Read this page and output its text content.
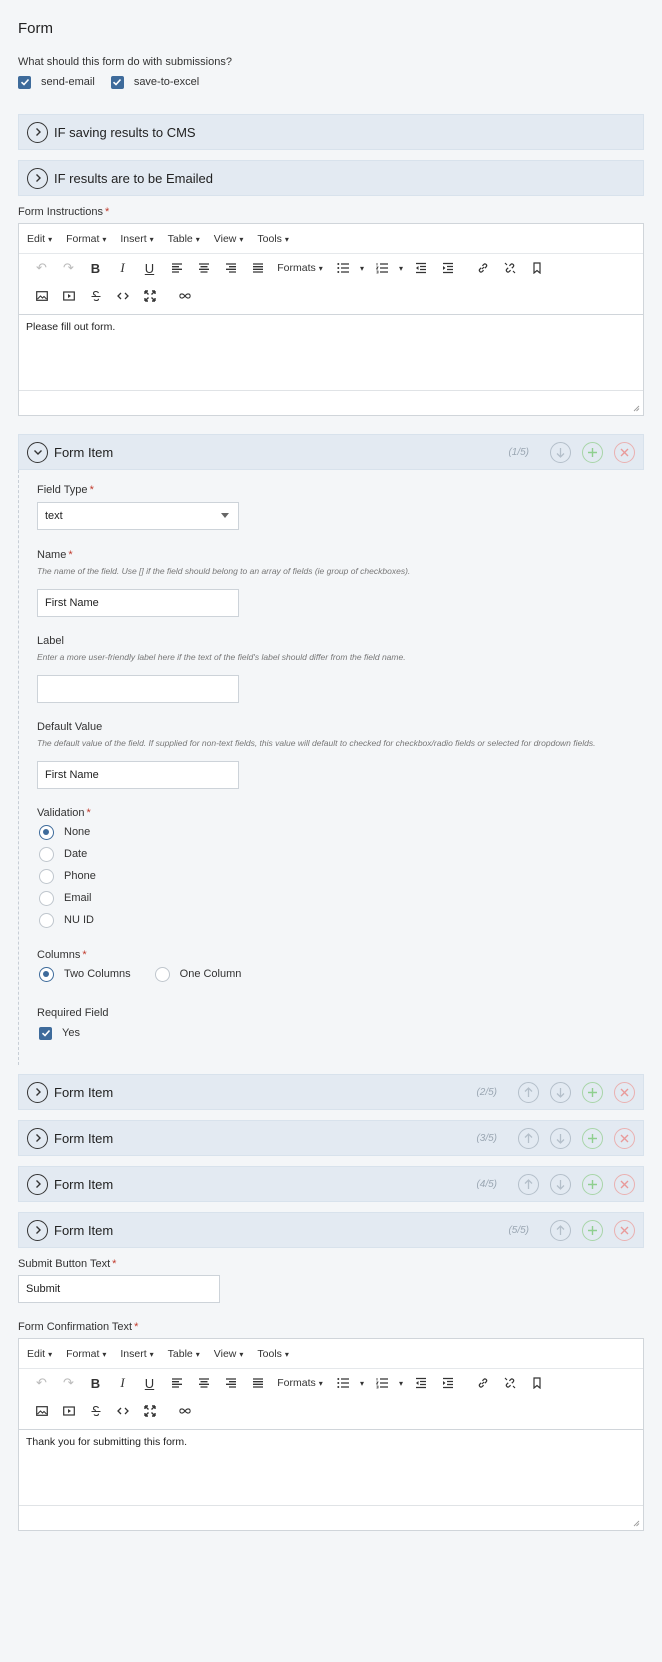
Form
What should this form do with submissions?
send-email	save-to-excel
IF saving results to CMS
IF results are to be Emailed
Form Instructions *
Edit ▾	Format ▾	Insert ▾	Table ▾	View ▾	Tools ▾
↶	↷	B	I	U	Formats ▾	▾	▾
Please fill out form.
Form Item	(1/5)
Field Type *
text
Name *
The name of the field. Use [] if the field should belong to an array of fields (ie group of checkboxes).
First Name
Label
Enter a more user-friendly label here if the text of the field's label should differ from the field name.
Default Value
The default value of the field. If supplied for non-text fields, this value will default to checked for checkbox/radio fields or selected for dropdown fields.
First Name
Validation *
None
Date
Phone
Email
NU ID
Columns *
Two Columns	One Column
Required Field
Yes
Form Item	(2/5)
Form Item	(3/5)
Form Item	(4/5)
Form Item	(5/5)
Submit Button Text *
Submit
Form Confirmation Text *
Edit ▾	Format ▾	Insert ▾	Table ▾	View ▾	Tools ▾
↶	↷	B	I	U	Formats ▾	▾	▾
Thank you for submitting this form.
